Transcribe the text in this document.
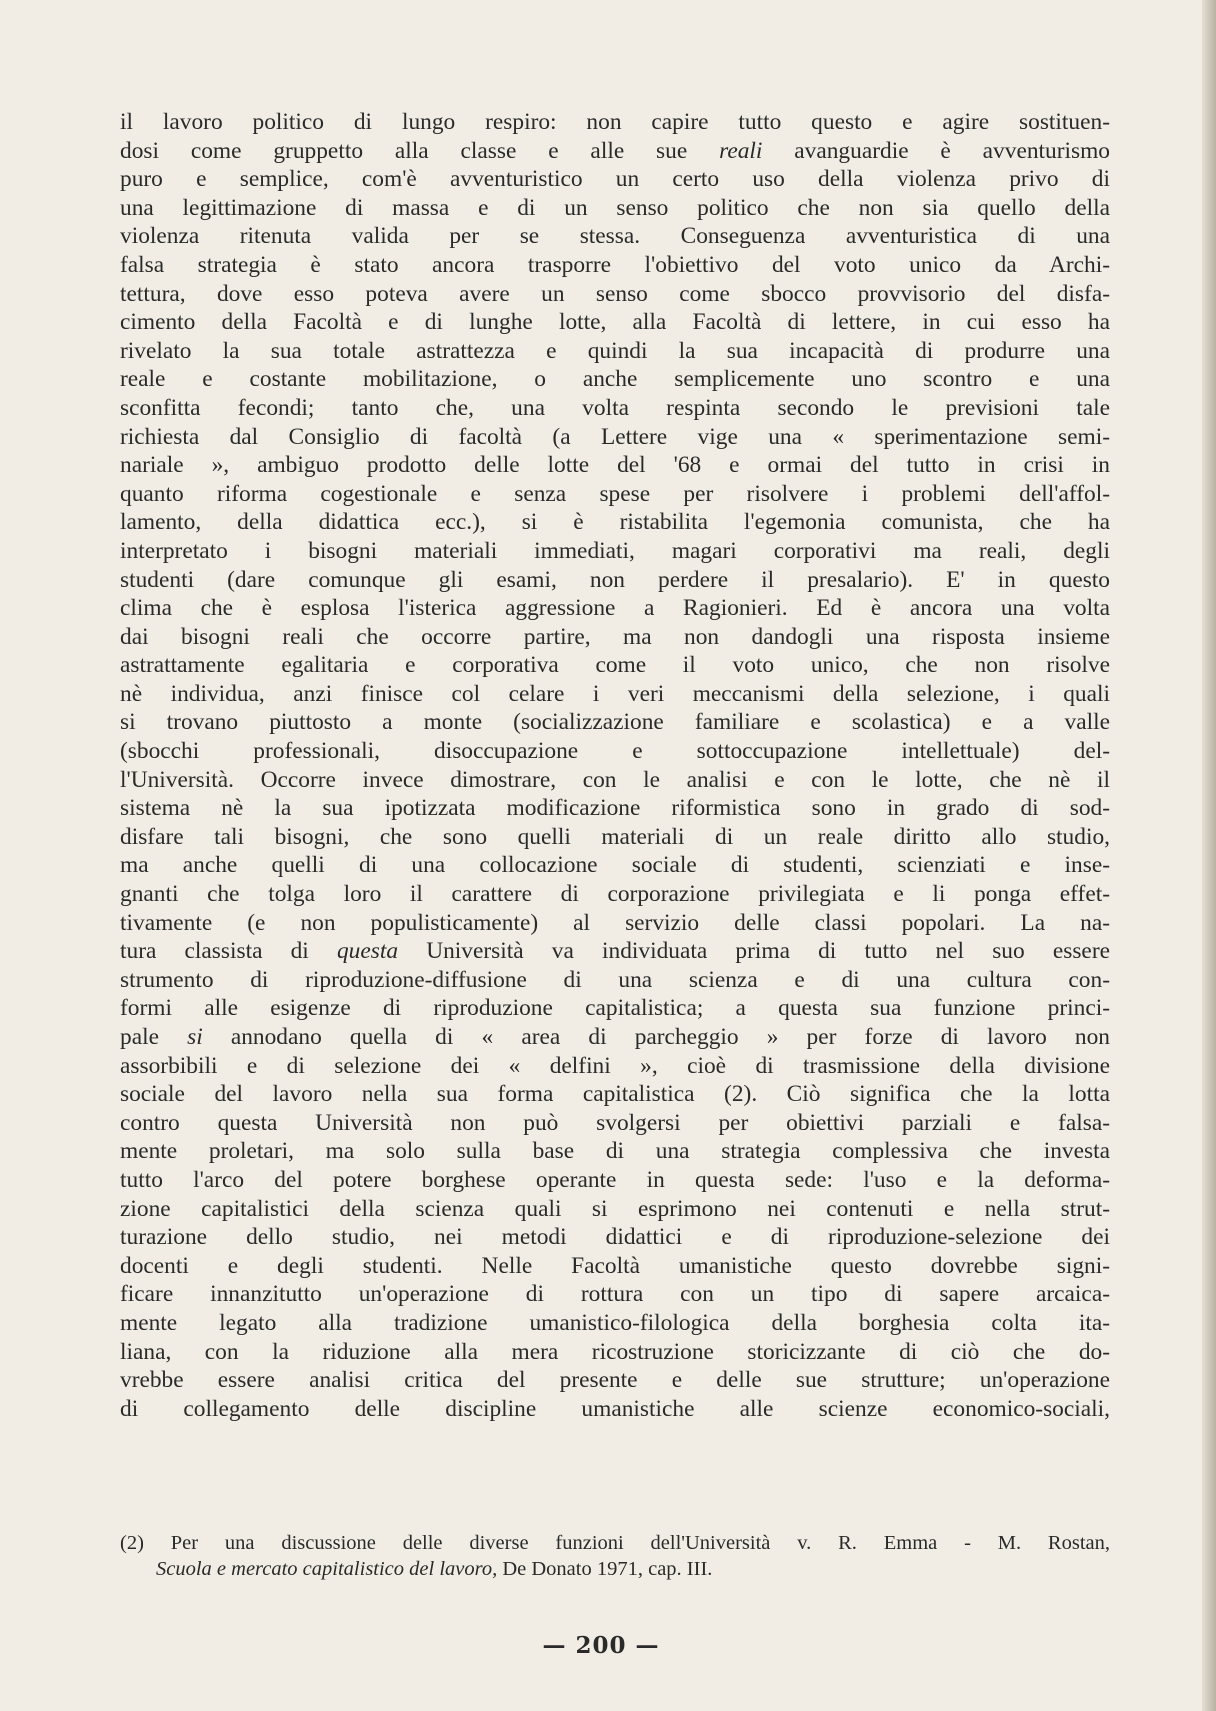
il lavoro politico di lungo respiro: non capire tutto questo e agire sostituen-
dosi come gruppetto alla classe e alle sue reali avanguardie è avventurismo
puro e semplice, com'è avventuristico un certo uso della violenza privo di
una legittimazione di massa e di un senso politico che non sia quello della
violenza ritenuta valida per se stessa. Conseguenza avventuristica di una
falsa strategia è stato ancora trasporre l'obiettivo del voto unico da Archi-
tettura, dove esso poteva avere un senso come sbocco provvisorio del disfa-
cimento della Facoltà e di lunghe lotte, alla Facoltà di lettere, in cui esso ha
rivelato la sua totale astrattezza e quindi la sua incapacità di produrre una
reale e costante mobilitazione, o anche semplicemente uno scontro e una
sconfitta fecondi; tanto che, una volta respinta secondo le previsioni tale
richiesta dal Consiglio di facoltà (a Lettere vige una « sperimentazione semi-
nariale », ambiguo prodotto delle lotte del '68 e ormai del tutto in crisi in
quanto riforma cogestionale e senza spese per risolvere i problemi dell'affol-
lamento, della didattica ecc.), si è ristabilita l'egemonia comunista, che ha
interpretato i bisogni materiali immediati, magari corporativi ma reali, degli
studenti (dare comunque gli esami, non perdere il presalario). E' in questo
clima che è esplosa l'isterica aggressione a Ragionieri. Ed è ancora una volta
dai bisogni reali che occorre partire, ma non dandogli una risposta insieme
astrattamente egalitaria e corporativa come il voto unico, che non risolve
nè individua, anzi finisce col celare i veri meccanismi della selezione, i quali
si trovano piuttosto a monte (socializzazione familiare e scolastica) e a valle
(sbocchi professionali, disoccupazione e sottoccupazione intellettuale) del-
l'Università. Occorre invece dimostrare, con le analisi e con le lotte, che nè il
sistema nè la sua ipotizzata modificazione riformistica sono in grado di sod-
disfare tali bisogni, che sono quelli materiali di un reale diritto allo studio,
ma anche quelli di una collocazione sociale di studenti, scienziati e inse-
gnanti che tolga loro il carattere di corporazione privilegiata e li ponga effet-
tivamente (e non populisticamente) al servizio delle classi popolari. La na-
tura classista di questa Università va individuata prima di tutto nel suo essere
strumento di riproduzione-diffusione di una scienza e di una cultura con-
formi alle esigenze di riproduzione capitalistica; a questa sua funzione princi-
pale si annodano quella di « area di parcheggio » per forze di lavoro non
assorbibili e di selezione dei « delfini », cioè di trasmissione della divisione
sociale del lavoro nella sua forma capitalistica (2). Ciò significa che la lotta
contro questa Università non può svolgersi per obiettivi parziali e falsa-
mente proletari, ma solo sulla base di una strategia complessiva che investa
tutto l'arco del potere borghese operante in questa sede: l'uso e la deforma-
zione capitalistici della scienza quali si esprimono nei contenuti e nella strut-
turazione dello studio, nei metodi didattici e di riproduzione-selezione dei
docenti e degli studenti. Nelle Facoltà umanistiche questo dovrebbe signi-
ficare innanzitutto un'operazione di rottura con un tipo di sapere arcaica-
mente legato alla tradizione umanistico-filologica della borghesia colta ita-
liana, con la riduzione alla mera ricostruzione storicizzante di ciò che do-
vrebbe essere analisi critica del presente e delle sue strutture; un'operazione
di collegamento delle discipline umanistiche alle scienze economico-sociali,
(2) Per una discussione delle diverse funzioni dell'Università v. R. Emma - M. Rostan,
Scuola e mercato capitalistico del lavoro, De Donato 1971, cap. III.
— 200 —
